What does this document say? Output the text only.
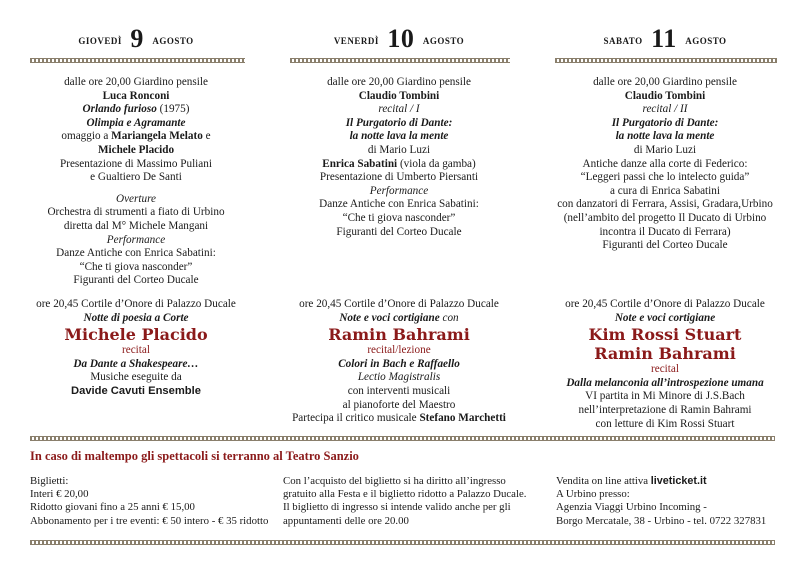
giovedì 9 agosto	venerdì 10 agosto	sabato 11 agosto
dalle ore 20,00 Giardino pensile
Luca Ronconi
Orlando furioso (1975)
Olimpia e Agramante
omaggio a Mariangela Melato e
Michele Placido
Presentazione di Massimo Puliani
e Gualtiero De Santi
Overture
Orchestra di strumenti a fiato di Urbino
diretta dal M° Michele Mangani
Performance
Danze Antiche con Enrica Sabatini:
“Che ti giova nasconder”
Figuranti del Corteo Ducale
dalle ore 20,00 Giardino pensile
Claudio Tombini
recital / I
Il Purgatorio di Dante:
la notte lava la mente
di Mario Luzi
Enrica Sabatini (viola da gamba)
Presentazione di Umberto Piersanti
Performance
Danze Antiche con Enrica Sabatini:
“Che ti giova nasconder”
Figuranti del Corteo Ducale
dalle ore 20,00 Giardino pensile
Claudio Tombini
recital / II
Il Purgatorio di Dante:
la notte lava la mente
di Mario Luzi
Antiche danze alla corte di Federico:
“Leggeri passi che lo intelecto guida”
a cura di Enrica Sabatini
con danzatori di Ferrara, Assisi, Gradara,Urbino
(nell’ambito del progetto Il Ducato di Urbino
incontra il Ducato di Ferrara)
Figuranti del Corteo Ducale
ore 20,45 Cortile d’Onore di Palazzo Ducale
Notte di poesia a Corte
Michele Placido
recital
Da Dante a Shakespeare…
Musiche eseguite da
Davide Cavuti Ensemble
ore 20,45 Cortile d’Onore di Palazzo Ducale
Note e voci cortigiane con
Ramin Bahrami
recital/lezione
Colori in Bach e Raffaello
Lectio Magistralis
con interventi musicali
al pianoforte del Maestro
Partecipa il critico musicale Stefano Marchetti
ore 20,45 Cortile d’Onore di Palazzo Ducale
Note e voci cortigiane
Kim Rossi Stuart
Ramin Bahrami
recital
Dalla melanconia all’introspezione umana
VI partita in Mi Minore di J.S.Bach
nell’interpretazione di Ramin Bahrami
con letture di Kim Rossi Stuart
In caso di maltempo gli spettacoli si terranno al Teatro Sanzio
Biglietti:
Interi € 20,00
Ridotto giovani fino a 25 anni € 15,00
Abbonamento per i tre eventi: € 50 intero - € 35 ridotto
Con l’acquisto del biglietto si ha diritto all’ingresso
gratuito alla Festa e il biglietto ridotto a Palazzo Ducale.
Il biglietto di ingresso si intende valido anche per gli
appuntamenti delle ore 20.00
Vendita on line attiva liveticket.it
A Urbino presso:
Agenzia Viaggi Urbino Incoming -
Borgo Mercatale, 38 - Urbino - tel. 0722 327831
